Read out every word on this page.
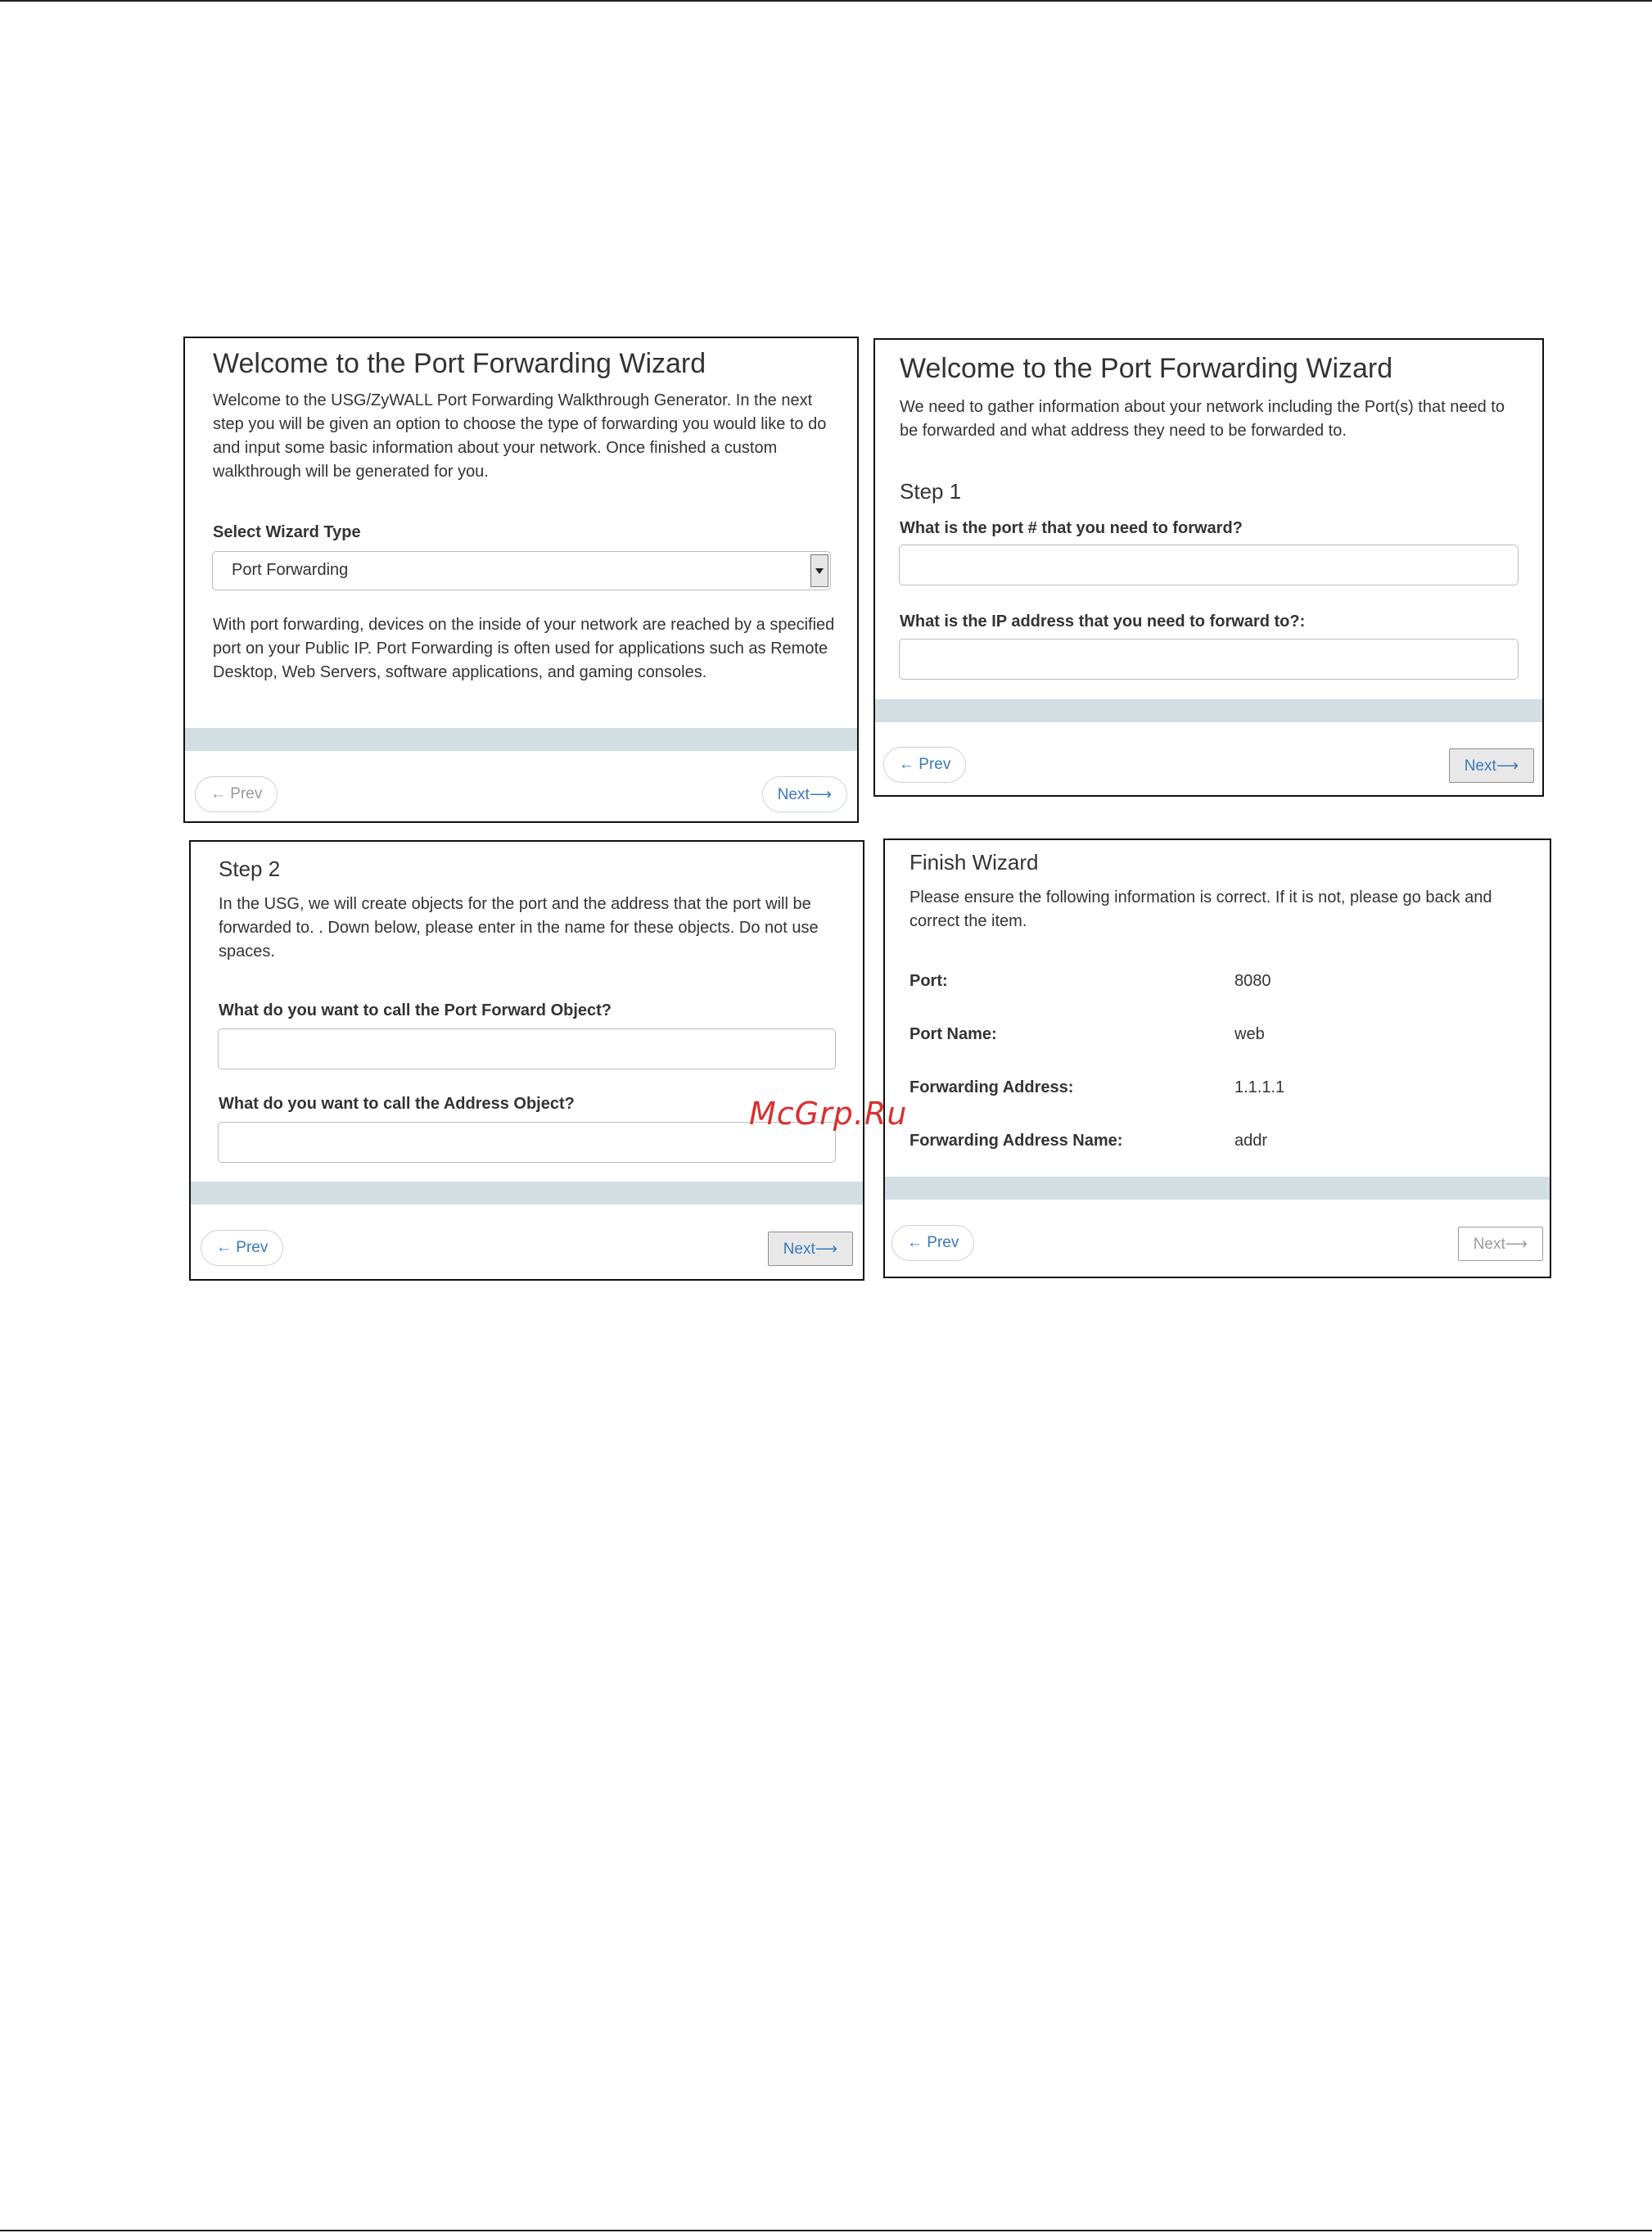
Welcome to the Port Forwarding Wizard

Welcome to the USG/ZyWALL Port Forwarding Walkthrough Generator. In the next step you will be given an option to choose the type of forwarding you would like to do and input some basic information about your network. Once finished a custom walkthrough will be generated for you.

Select Wizard Type
Port Forwarding

With port forwarding, devices on the inside of your network are reached by a specified port on your Public IP. Port Forwarding is often used for applications such as Remote Desktop, Web Servers, software applications, and gaming consoles.

← Prev	Next⟶
Welcome to the Port Forwarding Wizard

We need to gather information about your network including the Port(s) that need to be forwarded and what address they need to be forwarded to.

Step 1
What is the port # that you need to forward?
What is the IP address that you need to forward to?:
← Prev	Next⟶
Step 2

In the USG, we will create objects for the port and the address that the port will be forwarded to. . Down below, please enter in the name for these objects. Do not use spaces.

What do you want to call the Port Forward Object?
What do you want to call the Address Object?
← Prev	Next⟶
Finish Wizard

Please ensure the following information is correct. If it is not, please go back and correct the item.

Port:	8080
Port Name:	web
Forwarding Address:	1.1.1.1
Forwarding Address Name:	addr
← Prev	Next⟶
McGrp.Ru
